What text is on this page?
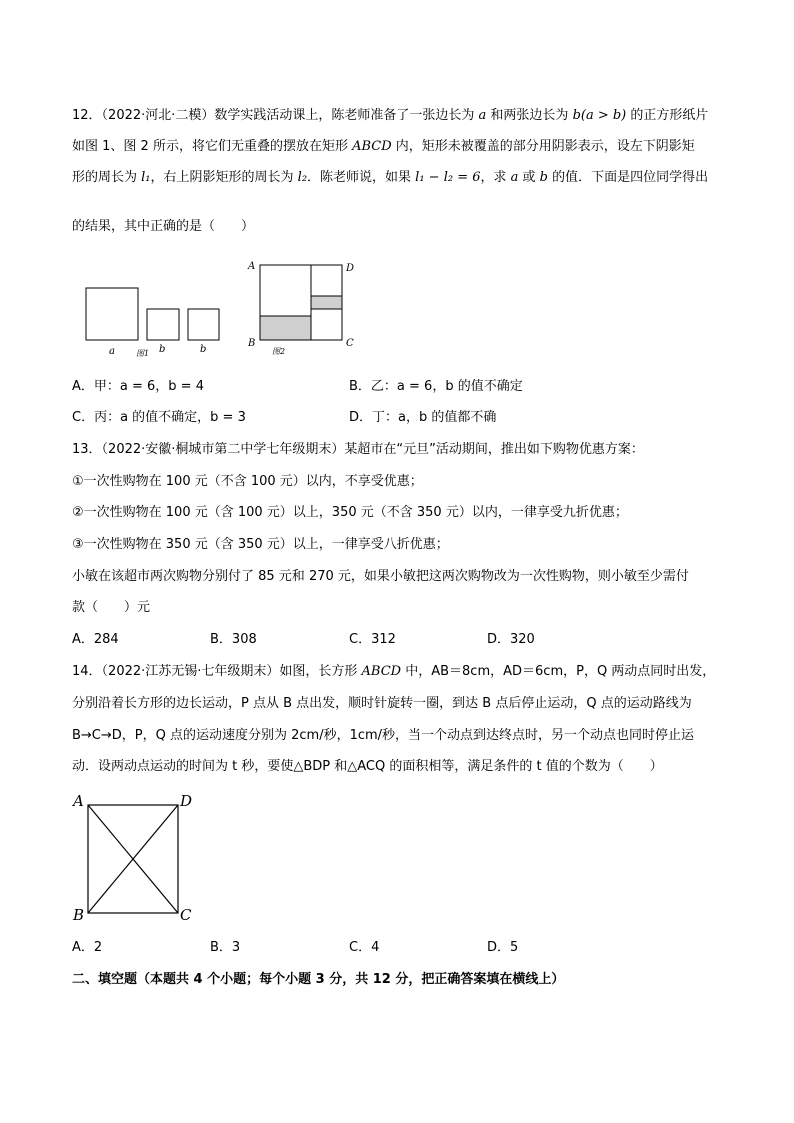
12．（2022·河北·二模）数学实践活动课上，陈老师准备了一张边长为 a 和两张边长为 b(a > b) 的正方形纸片
如图 1、图 2 所示，将它们无重叠的摆放在矩形 ABCD 内，矩形未被覆盖的部分用阴影表示，设左下阴影矩
形的周长为 l₁，右上阴影矩形的周长为 l₂．陈老师说，如果 l₁ − l₂ = 6，求 a 或 b 的值．下面是四位同学得出
的结果，其中正确的是（　　）
a	b	b
图1
A	D
B	C
图2
A．甲：a = 6，b = 4	B．乙：a = 6，b 的值不确定
C．丙：a 的值不确定，b = 3	D．丁：a，b 的值都不确
13．（2022·安徽·桐城市第二中学七年级期末）某超市在“元旦”活动期间，推出如下购物优惠方案：
①一次性购物在 100 元（不含 100 元）以内，不享受优惠；
②一次性购物在 100 元（含 100 元）以上，350 元（不含 350 元）以内，一律享受九折优惠；
③一次性购物在 350 元（含 350 元）以上，一律享受八折优惠；
小敏在该超市两次购物分别付了 85 元和 270 元，如果小敏把这两次购物改为一次性购物，则小敏至少需付
款（　　）元
A．284	B．308	C．312	D．320
14．（2022·江苏无锡·七年级期末）如图，长方形 ABCD 中，AB＝8cm，AD＝6cm，P，Q 两动点同时出发，
分别沿着长方形的边长运动，P 点从 B 点出发，顺时针旋转一圈，到达 B 点后停止运动，Q 点的运动路线为
B→C→D，P，Q 点的运动速度分别为 2cm/秒，1cm/秒，当一个动点到达终点时，另一个动点也同时停止运
动．设两动点运动的时间为 t 秒，要使△BDP 和△ACQ 的面积相等，满足条件的 t 值的个数为（　　）
A	D
B	C
A．2	B．3	C．4	D．5
二、填空题（本题共 4 个小题；每个小题 3 分，共 12 分，把正确答案填在横线上）
